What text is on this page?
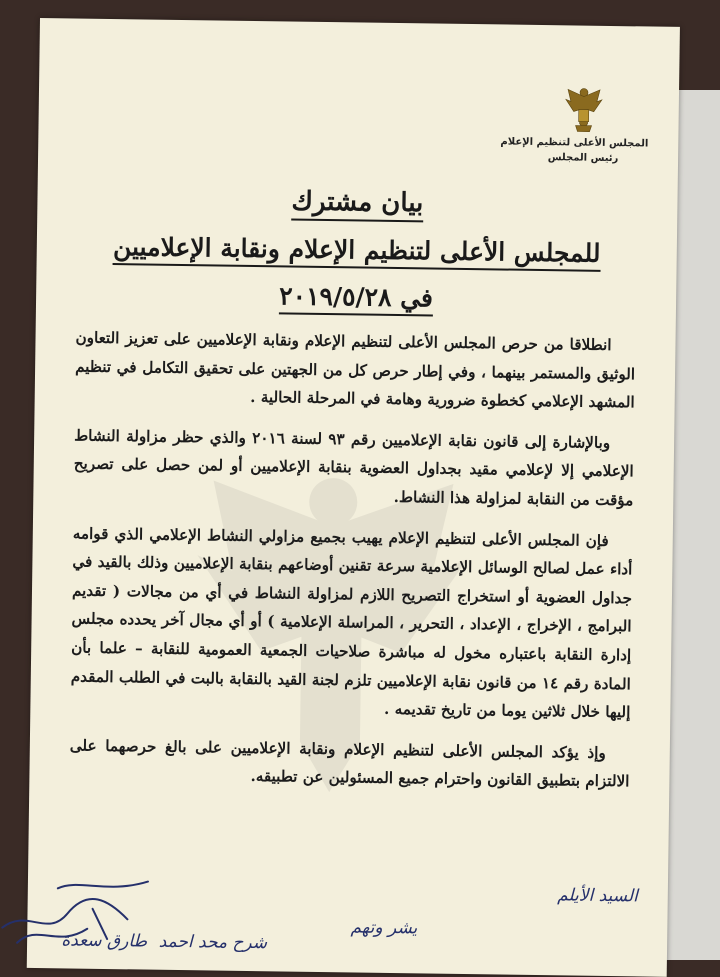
المجلس الأعلى لتنظيم الإعلام
رئيس المجلس
بيان مشترك
للمجلس الأعلى لتنظيم الإعلام ونقابة الإعلاميين
في ٢٠١٩/٥/٢٨

انطلاقا من حرص المجلس الأعلى لتنظيم الإعلام ونقابة الإعلاميين على تعزيز التعاون الوثيق والمستمر بينهما ، وفي إطار حرص كل من الجهتين على تحقيق التكامل في تنظيم المشهد الإعلامي كخطوة ضرورية وهامة في المرحلة الحالية .

وبالإشارة إلى قانون نقابة الإعلاميين رقم ٩٣ لسنة ٢٠١٦ والذي حظر مزاولة النشاط الإعلامي إلا لإعلامي مقيد بجداول العضوية بنقابة الإعلاميين أو لمن حصل على تصريح مؤقت من النقابة لمزاولة هذا النشاط.

فإن المجلس الأعلى لتنظيم الإعلام يهيب بجميع مزاولي النشاط الإعلامي الذي قوامه أداء عمل لصالح الوسائل الإعلامية سرعة تقنين أوضاعهم بنقابة الإعلاميين وذلك بالقيد في جداول العضوية أو استخراج التصريح اللازم لمزاولة النشاط في أي من مجالات ( تقديم البرامج ، الإخراج ، الإعداد ، التحرير ، المراسلة الإعلامية ) أو أي مجال آخر يحدده مجلس إدارة النقابة باعتباره مخول له مباشرة صلاحيات الجمعية العمومية للنقابة – علما بأن المادة رقم ١٤ من قانون نقابة الإعلاميين تلزم لجنة القيد بالنقابة بالبت في الطلب المقدم إليها خلال ثلاثين يوما من تاريخ تقديمه .

وإذ يؤكد المجلس الأعلى لتنظيم الإعلام ونقابة الإعلاميين على بالغ حرصهما على الالتزام بتطبيق القانون واحترام جميع المسئولين عن تطبيقه.

السيد الأيلم
يشر وتهم
شرح محد احمد
طارق سعدة
